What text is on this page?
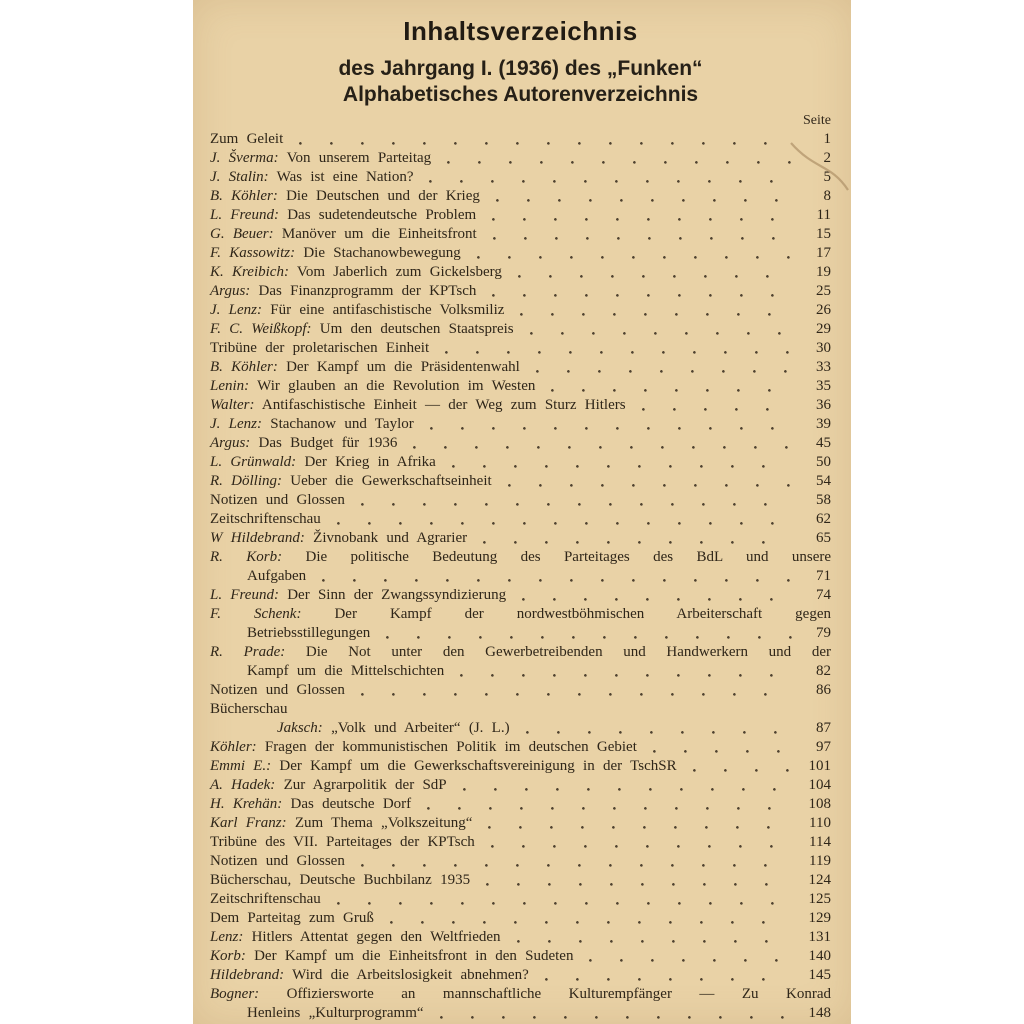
Inhaltsverzeichnis
des Jahrgang I. (1936) des „Funken“
Alphabetisches Autorenverzeichnis
Seite
Zum Geleit	1
J. Šverma: Von unserem Parteitag	2
J. Stalin: Was ist eine Nation?	5
B. Köhler: Die Deutschen und der Krieg	8
L. Freund: Das sudetendeutsche Problem	11
G. Beuer: Manöver um die Einheitsfront	15
F. Kassowitz: Die Stachanowbewegung	17
K. Kreibich: Vom Jaberlich zum Gickelsberg	19
Argus: Das Finanzprogramm der KPTsch	25
J. Lenz: Für eine antifaschistische Volksmiliz	26
F. C. Weißkopf: Um den deutschen Staatspreis	29
Tribüne der proletarischen Einheit	30
B. Köhler: Der Kampf um die Präsidentenwahl	33
Lenin: Wir glauben an die Revolution im Westen	35
Walter: Antifaschistische Einheit — der Weg zum Sturz Hitlers	36
J. Lenz: Stachanow und Taylor	39
Argus: Das Budget für 1936	45
L. Grünwald: Der Krieg in Afrika	50
R. Dölling: Ueber die Gewerkschaftseinheit	54
Notizen und Glossen	58
Zeitschriftenschau	62
W Hildebrand: Živnobank und Agrarier	65
R. Korb: Die politische Bedeutung des Parteitages des BdL und unsere
Aufgaben	71
L. Freund: Der Sinn der Zwangssyndizierung	74
F. Schenk: Der Kampf der nordwestböhmischen Arbeiterschaft gegen
Betriebsstillegungen	79
R. Prade: Die Not unter den Gewerbetreibenden und Handwerkern und der
Kampf um die Mittelschichten	82
Notizen und Glossen	86
Bücherschau
Jaksch: „Volk und Arbeiter“ (J. L.)	87
Köhler: Fragen der kommunistischen Politik im deutschen Gebiet	97
Emmi E.: Der Kampf um die Gewerkschaftsvereinigung in der TschSR	101
A. Hadek: Zur Agrarpolitik der SdP	104
H. Krehän: Das deutsche Dorf	108
Karl Franz: Zum Thema „Volkszeitung“	110
Tribüne des VII. Parteitages der KPTsch	114
Notizen und Glossen	119
Bücherschau, Deutsche Buchbilanz 1935	124
Zeitschriftenschau	125
Dem Parteitag zum Gruß	129
Lenz: Hitlers Attentat gegen den Weltfrieden	131
Korb: Der Kampf um die Einheitsfront in den Sudeten	140
Hildebrand: Wird die Arbeitslosigkeit abnehmen?	145
Bogner: Offiziersworte an mannschaftliche Kulturempfänger — Zu Konrad
Henleins „Kulturprogramm“	148
